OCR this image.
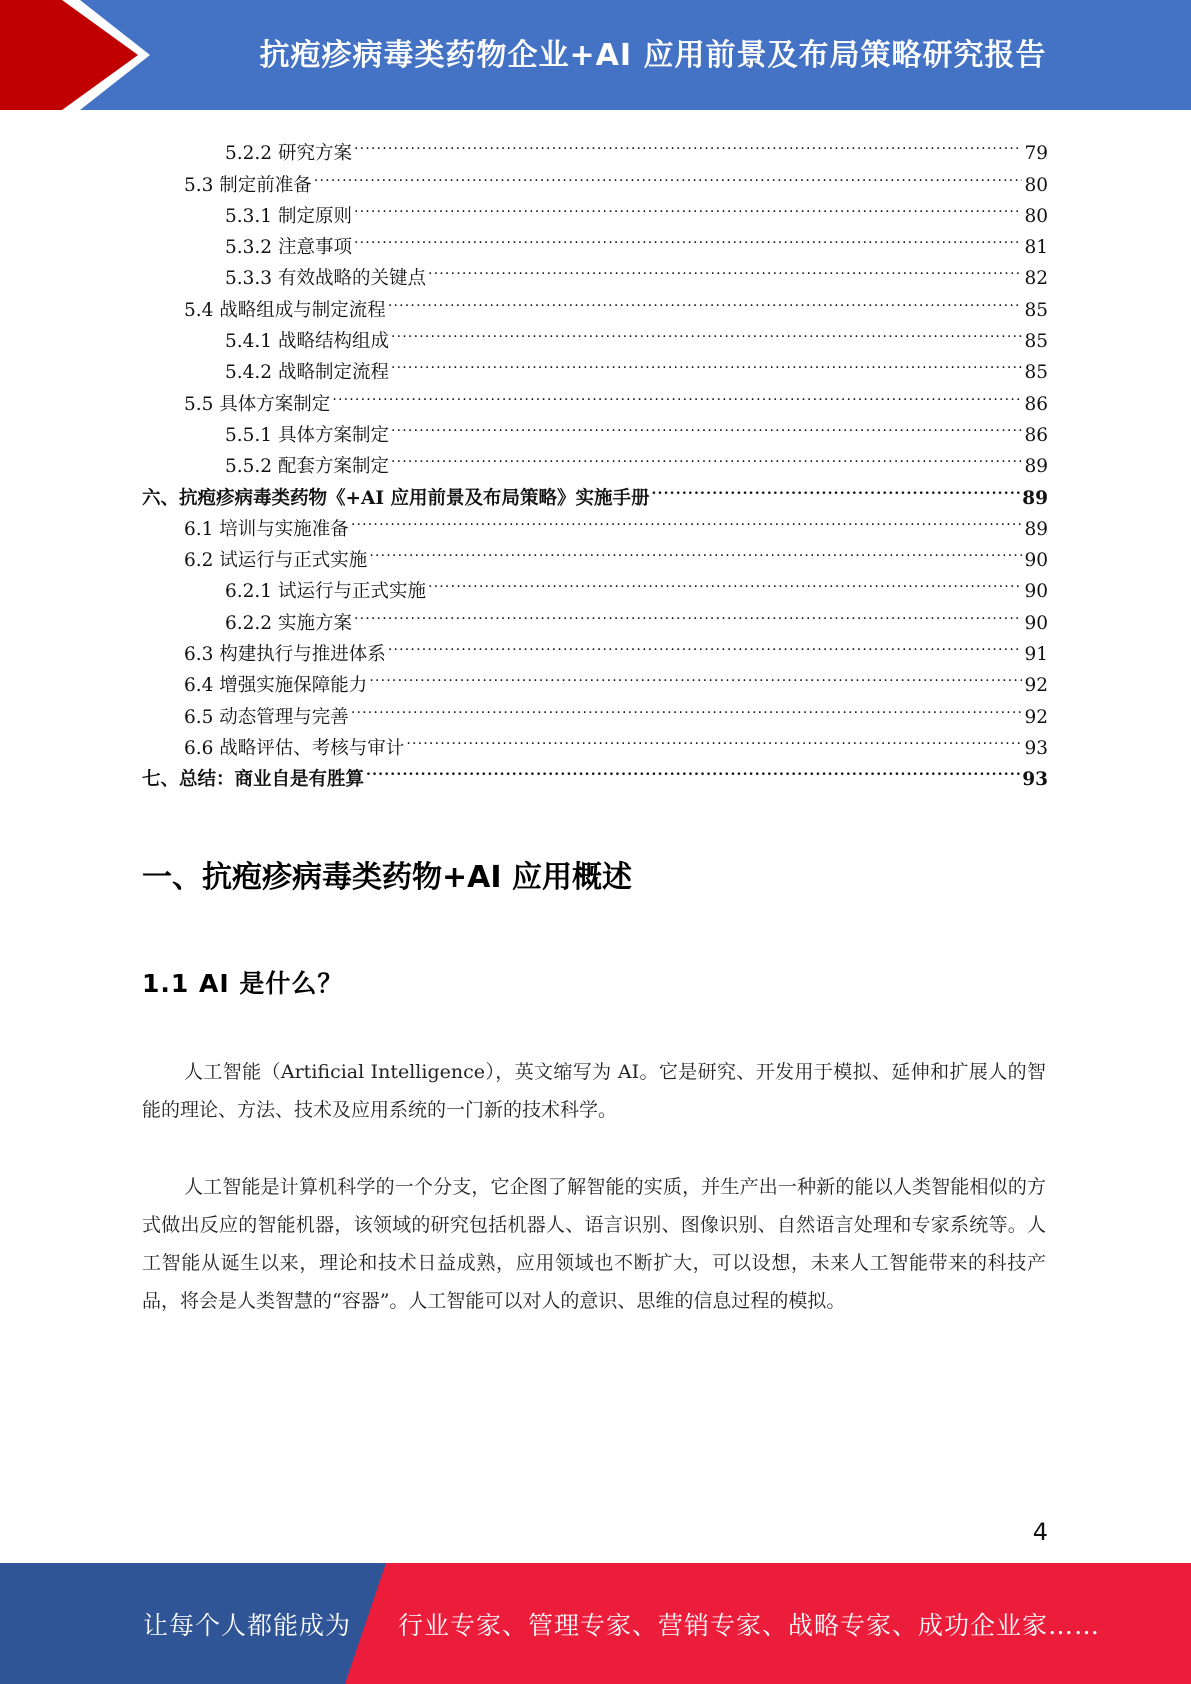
抗疱疹病毒类药物企业+AI 应用前景及布局策略研究报告
5.2.2 研究方案 .....	79
5.3 制定前准备 .....	80
5.3.1 制定原则 .....	80
5.3.2 注意事项 .....	81
5.3.3 有效战略的关键点 .....	82
5.4 战略组成与制定流程 .....	85
5.4.1 战略结构组成 .....	85
5.4.2 战略制定流程 .....	85
5.5 具体方案制定 .....	86
5.5.1 具体方案制定 .....	86
5.5.2 配套方案制定 .....	89
六、抗疱疹病毒类药物《+AI 应用前景及布局策略》实施手册 .....	89
6.1 培训与实施准备 .....	89
6.2 试运行与正式实施 .....	90
6.2.1 试运行与正式实施 .....	90
6.2.2 实施方案 .....	90
6.3 构建执行与推进体系 .....	91
6.4 增强实施保障能力 .....	92
6.5 动态管理与完善 .....	92
6.6 战略评估、考核与审计 .....	93
七、总结：商业自是有胜算 .....	93
一、抗疱疹病毒类药物+AI 应用概述
1.1 AI 是什么？
人工智能（Artificial Intelligence），英文缩写为 AI。它是研究、开发用于模拟、延伸和扩展人的智能的理论、方法、技术及应用系统的一门新的技术科学。
人工智能是计算机科学的一个分支，它企图了解智能的实质，并生产出一种新的能以人类智能相似的方式做出反应的智能机器，该领域的研究包括机器人、语言识别、图像识别、自然语言处理和专家系统等。人工智能从诞生以来，理论和技术日益成熟，应用领域也不断扩大，可以设想，未来人工智能带来的科技产品，将会是人类智慧的“容器”。人工智能可以对人的意识、思维的信息过程的模拟。
4
让每个人都能成为 行业专家、管理专家、营销专家、战略专家、成功企业家……
